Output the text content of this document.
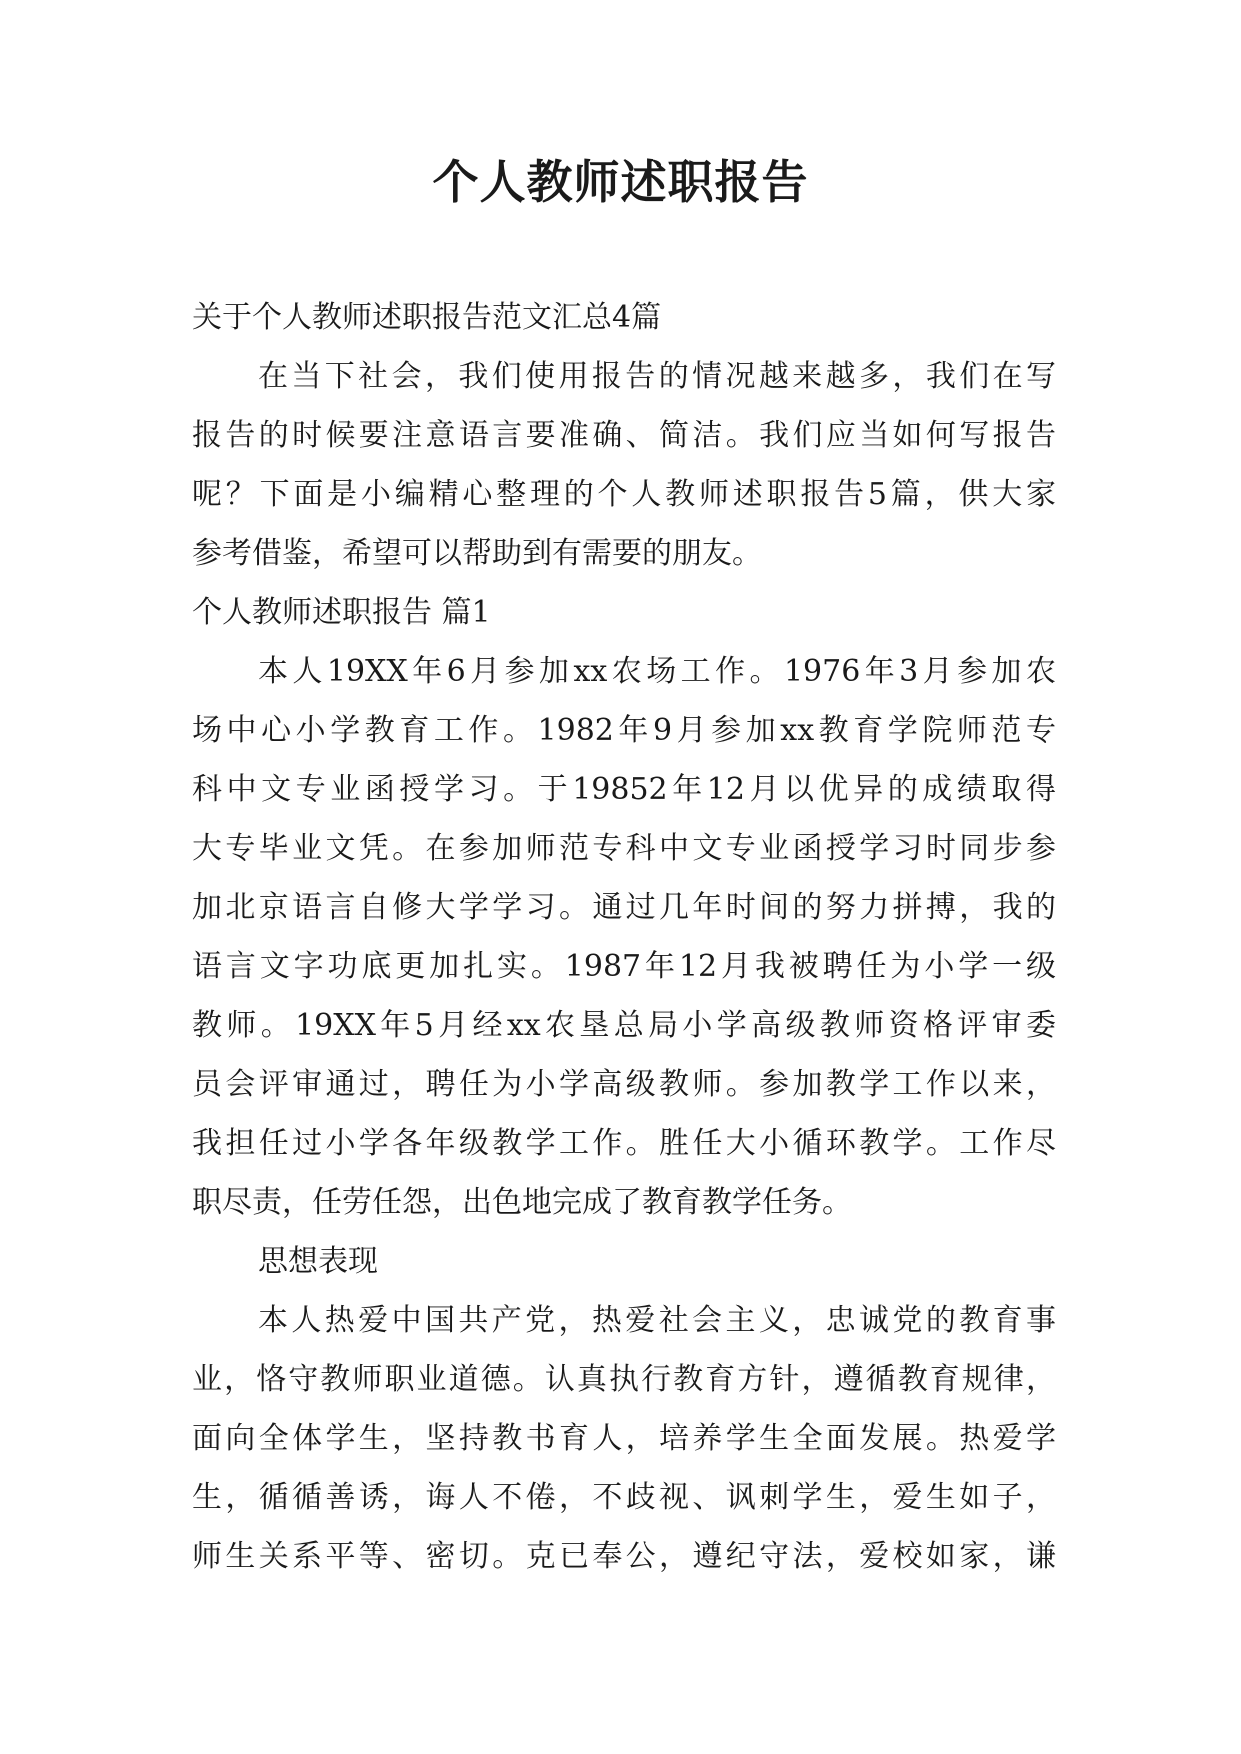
个人教师述职报告
关于个人教师述职报告范文汇总4篇
在当下社会，我们使用报告的情况越来越多，我们在写
报告的时候要注意语言要准确、简洁。我们应当如何写报告
呢？下面是小编精心整理的个人教师述职报告5篇，供大家
参考借鉴，希望可以帮助到有需要的朋友。
个人教师述职报告 篇1
本人19XX年6月参加xx农场工作。1976年3月参加农
场中心小学教育工作。1982年9月参加xx教育学院师范专
科中文专业函授学习。于19852年12月以优异的成绩取得
大专毕业文凭。在参加师范专科中文专业函授学习时同步参
加北京语言自修大学学习。通过几年时间的努力拼搏，我的
语言文字功底更加扎实。1987年12月我被聘任为小学一级
教师。19XX年5月经xx农垦总局小学高级教师资格评审委
员会评审通过，聘任为小学高级教师。参加教学工作以来，
我担任过小学各年级教学工作。胜任大小循环教学。工作尽
职尽责，任劳任怨，出色地完成了教育教学任务。
思想表现
本人热爱中国共产党，热爱社会主义，忠诚党的教育事
业，恪守教师职业道德。认真执行教育方针，遵循教育规律，
面向全体学生，坚持教书育人，培养学生全面发展。热爱学
生，循循善诱，诲人不倦，不歧视、讽刺学生，爱生如子，
师生关系平等、密切。克已奉公，遵纪守法，爱校如家，谦
